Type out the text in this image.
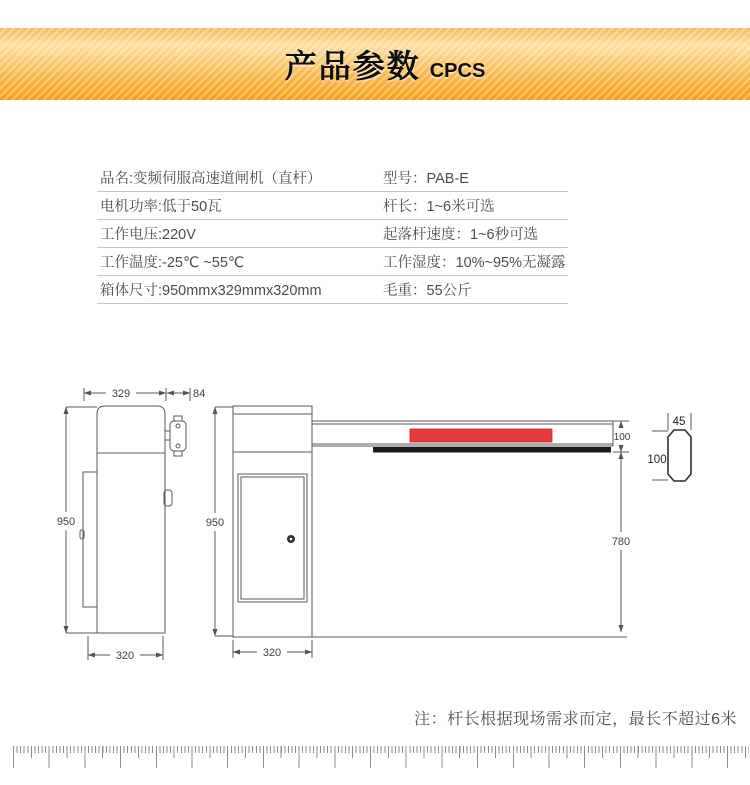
产品参数 CPCS
品名:变频伺服高速道闸机（直杆）	型号：PAB-E
电机功率:低于50瓦	杆长：1~6米可选
工作电压:220V	起落杆速度：1~6秒可选
工作温度:-25℃ ~55℃	工作湿度：10%~95%无凝露
箱体尺寸:950mmx329mmx320mm	毛重：55公斤
329	84
950
320
100
780
950
320
45
100
注：杆长根据现场需求而定，最长不超过6米
